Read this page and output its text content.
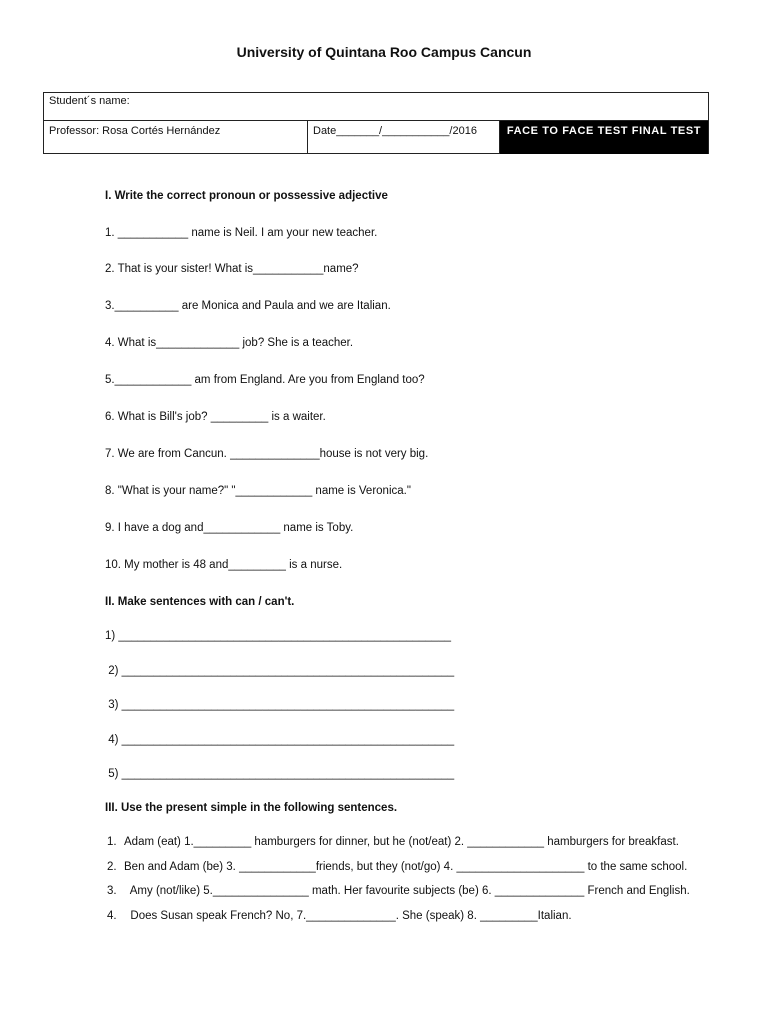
University of Quintana Roo Campus Cancun
Student´s name:
Professor: Rosa Cortés Hernández	Date_______/___________/2016	FACE TO FACE TEST FINAL TEST
I. Write the correct pronoun or possessive adjective
1. ___________ name is Neil. I am your new teacher.
2. That is your sister! What is___________name?
3.__________ are Monica and Paula and we are Italian.
4. What is_____________ job? She is a teacher.
5.____________ am from England. Are you from England too?
6. What is Bill's job? _________ is a waiter.
7. We are from Cancun. ______________house is not very big.
8. "What is your name?" "____________ name is Veronica."
9. I have a dog and____________ name is Toby.
10. My mother is 48 and_________ is a nurse.
II. Make sentences with can / can't.
1) ____________________________________________________
2) ____________________________________________________
3) ____________________________________________________
4) ____________________________________________________
5) ____________________________________________________
III. Use the present simple in the following sentences.
1. Adam (eat) 1._________ hamburgers for dinner, but he (not/eat) 2. ____________ hamburgers for breakfast.
2. Ben and Adam (be) 3. ____________friends, but they (not/go) 4. ____________________ to the same school.
3. Amy (not/like) 5._______________ math. Her favourite subjects (be) 6. ______________ French and English.
4. Does Susan speak French? No, 7.______________. She (speak) 8. _________Italian.
